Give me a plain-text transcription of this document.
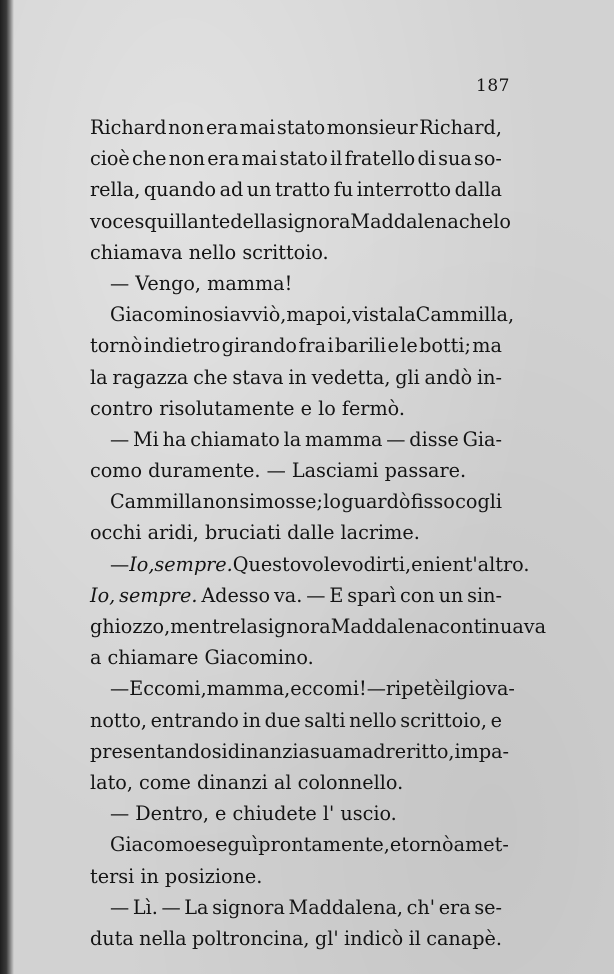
187
Richard non era mai stato monsieur Richard,
cioè che non era mai stato il fratello di sua so-
rella, quando ad un tratto fu interrotto dalla
voce squillante della signora Maddalena che lo
chiamava nello scrittoio.
— Vengo, mamma!
Giacomino si avviò, ma poi, vista la Cammilla,
tornò indietro girando fra i barili e le botti; ma
la ragazza che stava in vedetta, gli andò in-
contro risolutamente e lo fermò.
— Mi ha chiamato la mamma — disse Gia-
como duramente. — Lasciami passare.
Cammilla non si mosse; lo guardò fisso cogli
occhi aridi, bruciati dalle lacrime.
— Io, sempre. Questo volevo dirti, e nient'altro.
Io, sempre. Adesso va. — E sparì con un sin-
ghiozzo, mentre la signora Maddalena continuava
a chiamare Giacomino.
— Eccomi, mamma, eccomi! — ripetè il giova-
notto, entrando in due salti nello scrittoio, e
presentandosi dinanzi a sua madre ritto, impa-
lato, come dinanzi al colonnello.
— Dentro, e chiudete l' uscio.
Giacomo eseguì prontamente, e tornò a met-
tersi in posizione.
— Lì. — La signora Maddalena, ch' era se-
duta nella poltroncina, gl' indicò il canapè.
